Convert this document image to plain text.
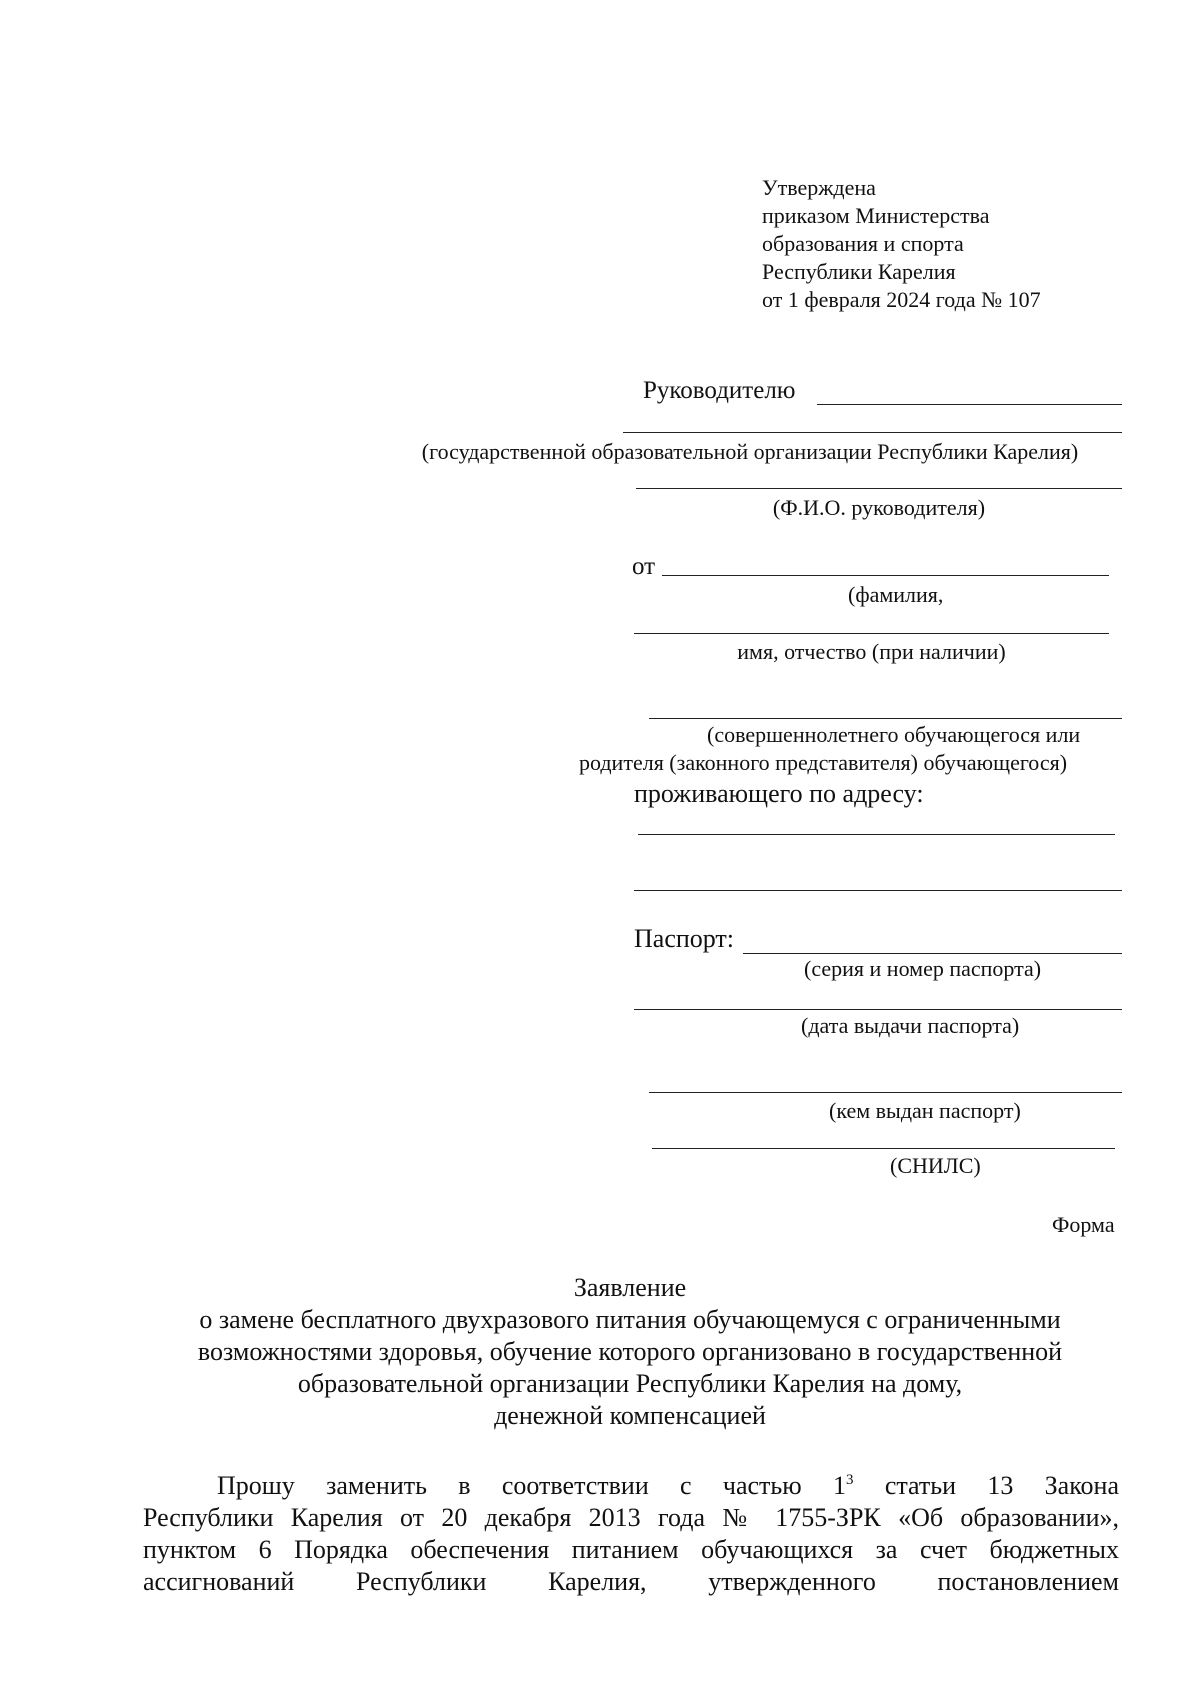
Утверждена
приказом Министерства
образования и спорта
Республики Карелия
от 1 февраля 2024 года № 107
Руководителю
(государственной образовательной организации Республики Карелия)
(Ф.И.О. руководителя)
от
(фамилия,
имя, отчество (при наличии)
(совершеннолетнего обучающегося или
родителя (законного представителя) обучающегося)
проживающего по адресу:
Паспорт:
(серия и номер паспорта)
(дата выдачи паспорта)
(кем выдан паспорт)
(СНИЛС)
Форма
Заявление
о замене бесплатного двухразового питания обучающемуся с ограниченными
возможностями здоровья, обучение которого организовано в государственной
образовательной организации Республики Карелия на дому,
денежной компенсацией
Прошу заменить в соответствии с частью $1^3$ статьи 13 Закона
Республики Карелия от 20 декабря 2013 года № 1755-ЗРК «Об образовании»,
пунктом 6 Порядка обеспечения питанием обучающихся за счет бюджетных
ассигнований Республики Карелия, утвержденного постановлением
